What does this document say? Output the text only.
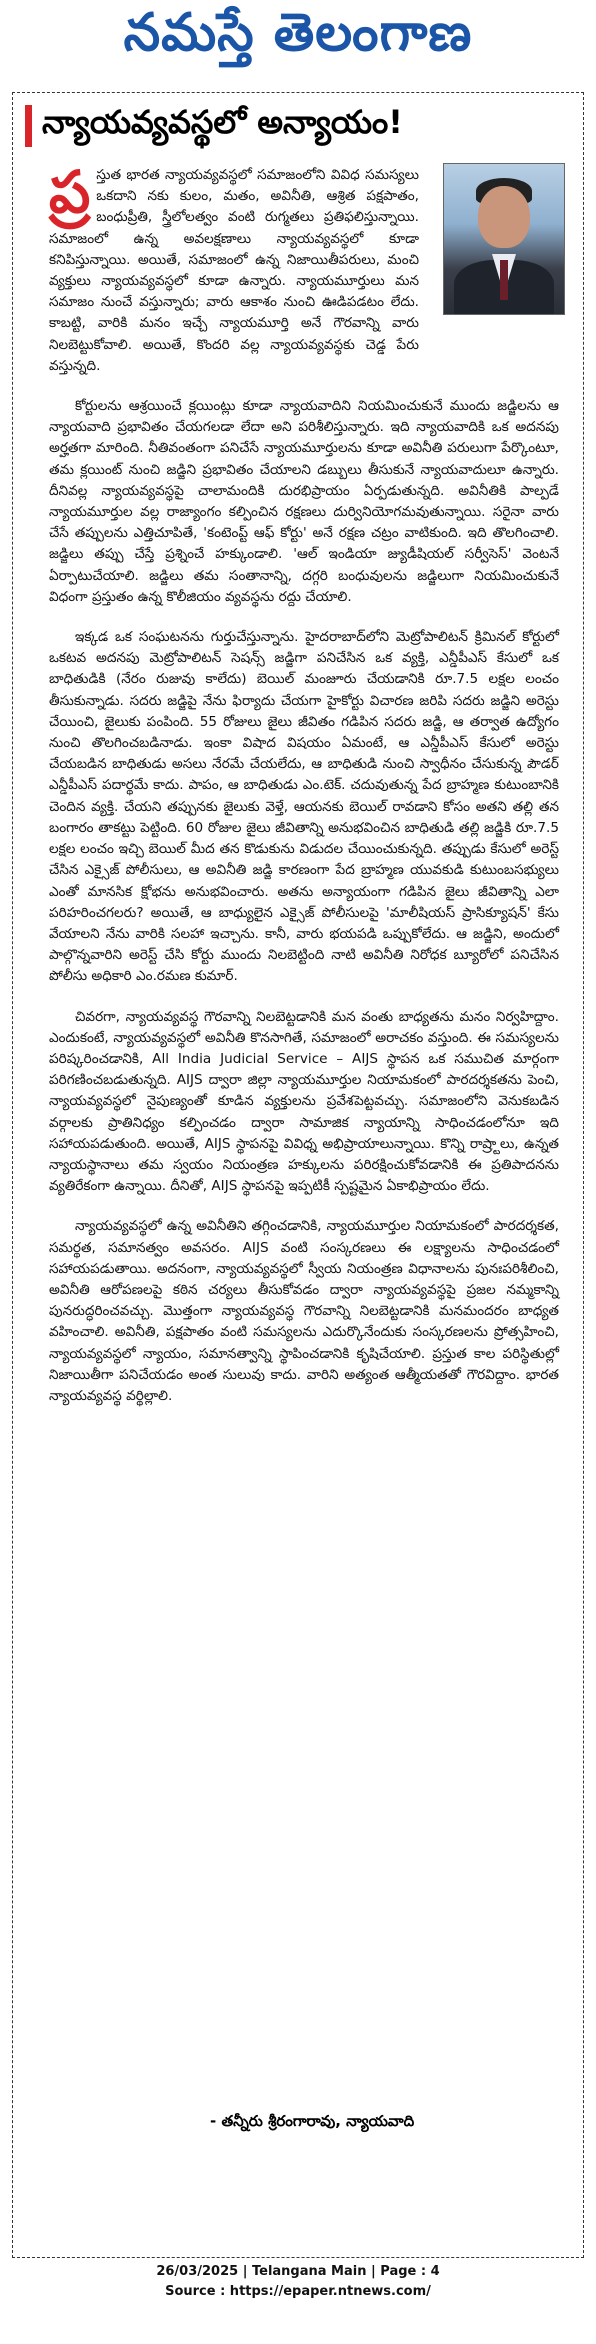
నమస్తే తెలంగాణ
న్యాయవ్యవస్థలో అన్యాయం!

ప్ర స్తుత భారత న్యాయవ్యవస్థలో సమాజంలోని వివిధ సమస్యలు ఒకదాని నకు కులం, మతం, అవినీతి, ఆశ్రిత పక్షపాతం, బంధుప్రీతి, స్త్రీలోలత్వం వంటి రుగ్మతలు ప్రతిఫలిస్తున్నాయి. సమాజంలో ఉన్న అవలక్షణాలు న్యాయవ్యవస్థలో కూడా కనిపిస్తున్నాయి. అయితే, సమాజంలో ఉన్న నిజాయితీపరులు, మంచి వ్యక్తులు న్యాయవ్యవస్థలో కూడా ఉన్నారు. న్యాయమూర్తులు మన సమాజం నుంచే వస్తున్నారు; వారు ఆకాశం నుంచి ఊడిపడటం లేదు. కాబట్టి, వారికి మనం ఇచ్చే న్యాయమూర్తి అనే గౌరవాన్ని వారు నిలబెట్టుకోవాలి. అయితే, కొందరి వల్ల న్యాయవ్యవస్థకు చెడ్డ పేరు వస్తున్నది.

కోర్టులను ఆశ్రయించే క్లయింట్లు కూడా న్యాయవాదిని నియమించుకునే ముందు జడ్జిలను ఆ న్యాయవాది ప్రభావితం చేయగలడా లేదా అని పరిశీలిస్తున్నారు. ఇది న్యాయవాదికి ఒక అదనపు అర్హతగా మారింది. నీతివంతంగా పనిచేసే న్యాయమూర్తులను కూడా అవినీతి పరులుగా పేర్కొంటూ, తమ క్లయింట్ నుంచి జడ్జిని ప్రభావితం చేయాలని డబ్బులు తీసుకునే న్యాయవాదులూ ఉన్నారు. దీనివల్ల న్యాయవ్యవస్థపై చాలామందికి దురభిప్రాయం ఏర్పడుతున్నది. అవినీతికి పాల్పడే న్యాయమూర్తుల వల్ల రాజ్యాంగం కల్పించిన రక్షణలు దుర్వినియోగమవుతున్నాయి. సరైనా వారు చేసే తప్పులను ఎత్తిచూపితే, 'కంటెంప్ట్ ఆఫ్ కోర్టు' అనే రక్షణ చట్రం వాటికుంది. ఇది తొలగించాలి. జడ్జిలు తప్పు చేస్తే ప్రశ్నించే హక్కుండాలి. 'ఆల్ ఇండియా జ్యుడీషియల్ సర్వీసెస్' వెంటనే ఏర్పాటుచేయాలి. జడ్జిలు తమ సంతానాన్ని, దగ్గరి బంధువులను జడ్జిలుగా నియమించుకునే విధంగా ప్రస్తుతం ఉన్న కొలీజియం వ్యవస్థను రద్దు చేయాలి.

ఇక్కడ ఒక సంఘటనను గుర్తుచేస్తున్నాను. హైదరాబాద్‌లోని మెట్రోపాలిటన్ క్రిమినల్ కోర్టులో ఒకటవ అదనపు మెట్రోపాలిటన్ సెషన్స్ జడ్జిగా పనిచేసిన ఒక వ్యక్తి, ఎన్డీపీఎస్ కేసులో ఒక బాధితుడికి (నేరం రుజువు కాలేదు) బెయిల్ మంజూరు చేయడానికి రూ.7.5 లక్షల లంచం తీసుకున్నాడు. సదరు జడ్జిపై నేను ఫిర్యాదు చేయగా హైకోర్టు విచారణ జరిపి సదరు జడ్జిని అరెస్టు చేయించి, జైలుకు పంపింది. 55 రోజులు జైలు జీవితం గడిపిన సదరు జడ్జి, ఆ తర్వాత ఉద్యోగం నుంచి తొలగించబడినాడు. ఇంకా విషాద విషయం ఏమంటే, ఆ ఎన్డీపీఎస్ కేసులో అరెస్టు చేయబడిన బాధితుడు అసలు నేరమే చేయలేదు, ఆ బాధితుడి నుంచి స్వాధీనం చేసుకున్న పౌడర్ ఎన్డీపీఎస్ పదార్థమే కాదు. పాపం, ఆ బాధితుడు ఎం.టెక్. చదువుతున్న పేద బ్రాహ్మణ కుటుంబానికి చెందిన వ్యక్తి. చేయని తప్పునకు జైలుకు వెళ్తే, ఆయనకు బెయిల్ రావడాని కోసం అతని తల్లి తన బంగారం తాకట్టు పెట్టింది. 60 రోజుల జైలు జీవితాన్ని అనుభవించిన బాధితుడి తల్లి జడ్జికి రూ.7.5 లక్షల లంచం ఇచ్చి బెయిల్ మీద తన కొడుకును విడుదల చేయించుకున్నది. తప్పుడు కేసులో అరెస్ట్ చేసిన ఎక్సైజ్ పోలీసులు, ఆ అవినీతి జడ్జి కారణంగా పేద బ్రాహ్మణ యువకుడి కుటుంబసభ్యులు ఎంతో మానసిక క్షోభను అనుభవించారు. అతను అన్యాయంగా గడిపిన జైలు జీవితాన్ని ఎలా పరిహరించగలరు? అయితే, ఆ బాధ్యులైన ఎక్సైజ్ పోలీసులపై 'మాలీషియస్ ప్రాసిక్యూషన్' కేసు వేయాలని నేను వారికి సలహా ఇచ్చాను. కానీ, వారు భయపడి ఒప్పుకోలేదు. ఆ జడ్జిని, అందులో పాల్గొన్నవారిని అరెస్ట్ చేసి కోర్టు ముందు నిలబెట్టింది నాటి అవినీతి నిరోధక బ్యూరోలో పనిచేసిన పోలీసు అధికారి ఎం.రమణ కుమార్.

చివరగా, న్యాయవ్యవస్థ గౌరవాన్ని నిలబెట్టడానికి మన వంతు బాధ్యతను మనం నిర్వహిద్దాం. ఎందుకంటే, న్యాయవ్యవస్థలో అవినీతి కొనసాగితే, సమాజంలో అరాచకం వస్తుంది. ఈ సమస్యలను పరిష్కరించడానికి, All India Judicial Service – AIJS స్థాపన ఒక సముచిత మార్గంగా పరిగణించబడుతున్నది. AIJS ద్వారా జిల్లా న్యాయమూర్తుల నియామకంలో పారదర్శకతను పెంచి, న్యాయవ్యవస్థలో నైపుణ్యంతో కూడిన వ్యక్తులను ప్రవేశపెట్టవచ్చు. సమాజంలోని వెనుకబడిన వర్గాలకు ప్రాతినిధ్యం కల్పించడం ద్వారా సామాజిక న్యాయాన్ని సాధించడంలోనూ ఇది సహాయపడుతుంది. అయితే, AIJS స్థాపనపై వివిధ్న అభిప్రాయాలున్నాయి. కొన్ని రాష్ర్టాలు, ఉన్నత న్యాయస్థానాలు తమ స్వయం నియంత్రణ హక్కులను పరిరక్షించుకోవడానికి ఈ ప్రతిపాదనను వ్యతిరేకంగా ఉన్నాయి. దీనితో, AIJS స్థాపనపై ఇప్పటికీ స్పష్టమైన ఏకాభిప్రాయం లేదు.

న్యాయవ్యవస్థలో ఉన్న అవినీతిని తగ్గించడానికి, న్యాయమూర్తుల నియామకంలో పారదర్శకత, సమర్థత, సమానత్వం అవసరం. AIJS వంటి సంస్కరణలు ఈ లక్ష్యాలను సాధించడంలో సహాయపడుతాయి. అదనంగా, న్యాయవ్యవస్థలో స్వీయ నియంత్రణ విధానాలను పునఃపరిశీలించి, అవినీతి ఆరోపణలపై కఠిన చర్యలు తీసుకోవడం ద్వారా న్యాయవ్యవస్థపై ప్రజల నమ్మకాన్ని పునరుద్ధరించవచ్చు. మొత్తంగా న్యాయవ్యవస్థ గౌరవాన్ని నిలబెట్టడానికి మనమందరం బాధ్యత వహించాలి. అవినీతి, పక్షపాతం వంటి సమస్యలను ఎదుర్కొనేందుకు సంస్కరణలను ప్రోత్సహించి, న్యాయవ్యవస్థలో న్యాయం, సమానత్వాన్ని స్థాపించడానికి కృషిచేయాలి. ప్రస్తుత కాల పరిస్థితుల్లో నిజాయితీగా పనిచేయడం అంత సులువు కాదు. వారిని అత్యంత ఆత్మీయతతో గౌరవిద్దాం. భారత న్యాయవ్యవస్థ వర్థిల్లాలి.

- తన్నీరు శ్రీరంగారావు, న్యాయవాది
26/03/2025 | Telangana Main | Page : 4
Source : https://epaper.ntnews.com/
